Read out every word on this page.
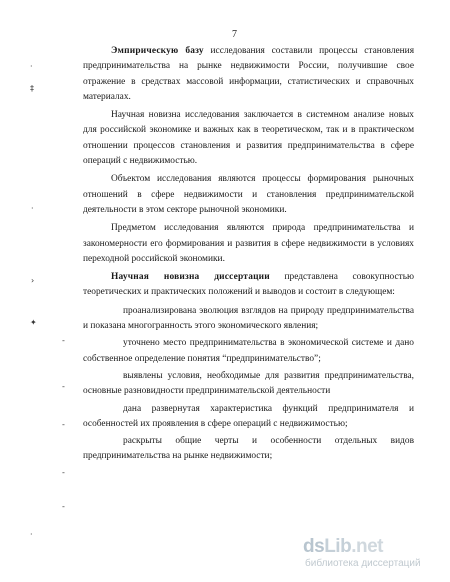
7
·
‡
·
›
✦
-
-
-
-
-
·

Эмпирическую базу исследования составили процессы становления предпринимательства на рынке недвижимости России, получившие свое отражение в средствах массовой информации, статистических и справочных материалах.

Научная новизна исследования заключается в системном анализе новых для российской экономике и важных как в теоретическом, так и в практическом отношении процессов становления и развития предпринимательства в сфере операций с недвижимостью.

Объектом исследования являются процессы формирования рыночных отношений в сфере недвижимости и становления предпринимательской деятельности в этом секторе рыночной экономики.

Предметом исследования являются природа предпринимательства и закономерности его формирования и развития в сфере недвижимости в условиях переходной российской экономики.

Научная новизна диссертации представлена совокупностью теоретических и практических положений и выводов и состоит в следующем:

проанализирована эволюция взглядов на природу предпринимательства и показана многогранность этого экономического явления;

уточнено место предпринимательства в экономической системе и дано собственное определение понятия “предпринимательство”;

выявлены условия, необходимые для развития предпринимательства, основные разновидности предпринимательской деятельности

дана развернутая характеристика функций предпринимателя и особенностей их проявления в сфере операций с недвижимостью;

раскрыты общие черты и особенности отдельных видов предпринимательства на рынке недвижимости;

dsLib.net
библиотека диссертаций
